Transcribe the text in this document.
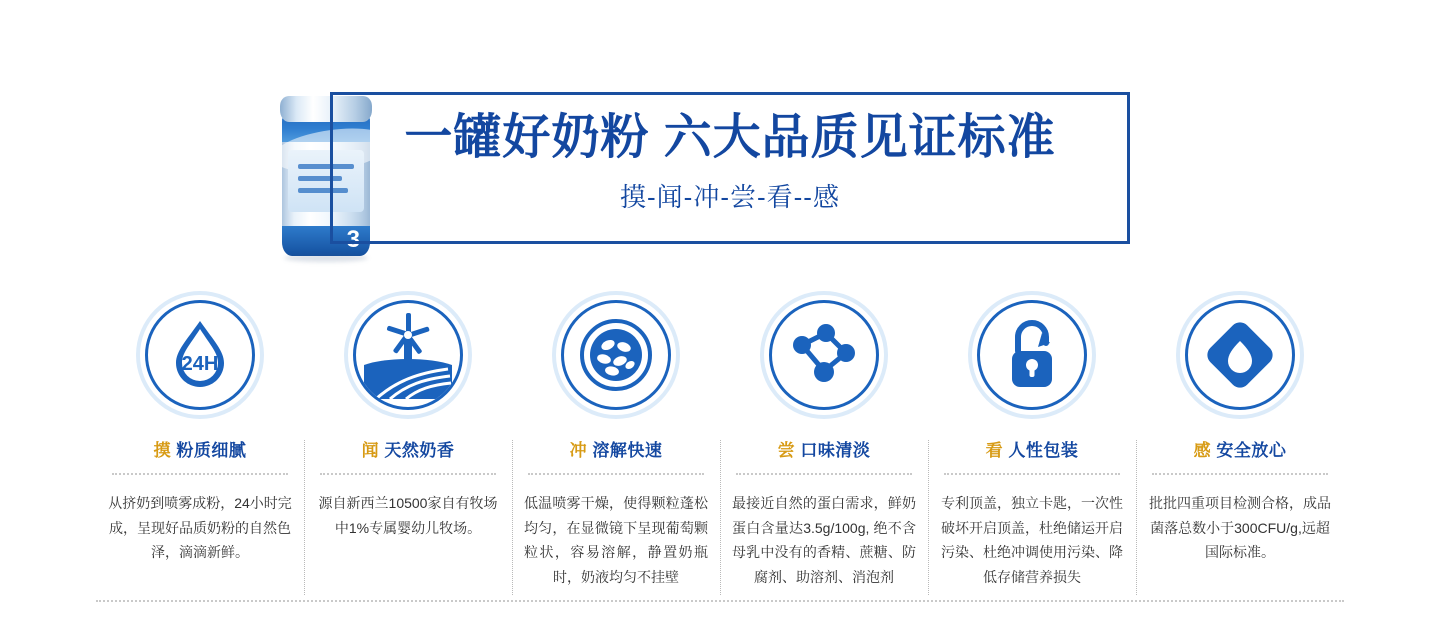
3
一罐好奶粉 六大品质见证标准
摸-闻-冲-尝-看--感
24H
摸 粉质细腻
从挤奶到喷雾成粉，24小时完成，呈现好品质奶粉的自然色泽，滴滴新鲜。
闻 天然奶香
源自新西兰10500家自有牧场中1%专属婴幼儿牧场。
冲 溶解快速
低温喷雾干燥，使得颗粒蓬松均匀，在显微镜下呈现葡萄颗粒状，容易溶解，静置奶瓶时，奶液均匀不挂壁
尝 口味清淡
最接近自然的蛋白需求，鲜奶蛋白含量达3.5g/100g, 绝不含母乳中没有的香精、蔗糖、防腐剂、助溶剂、消泡剂
看 人性包装
专利顶盖，独立卡匙，一次性破坏开启顶盖，杜绝储运开启污染、杜绝冲调使用污染、降低存储营养损失
感 安全放心
批批四重项目检测合格，成品菌落总数小于300CFU/g,远超国际标准。
